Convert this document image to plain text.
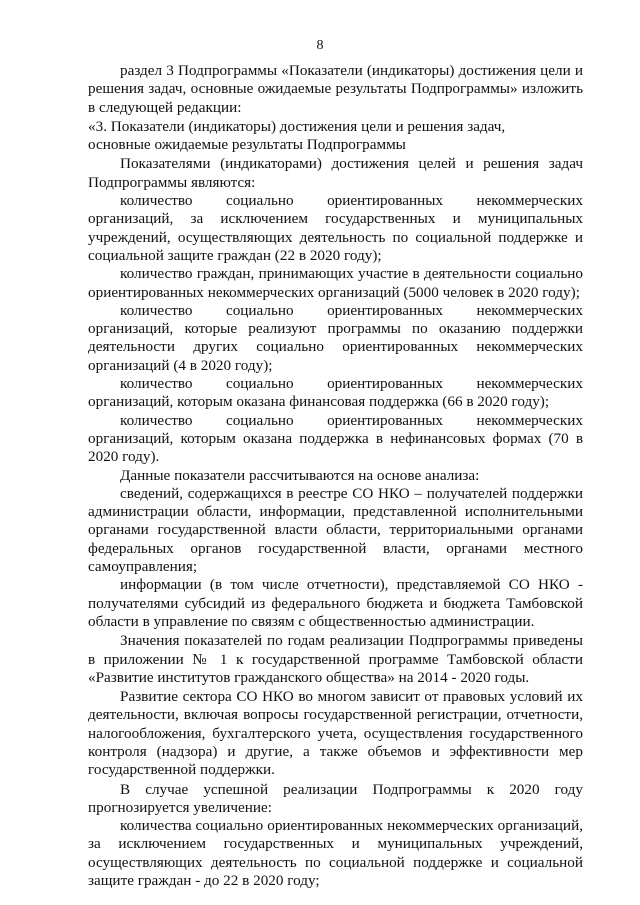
8

раздел 3 Подпрограммы «Показатели (индикаторы) достижения цели и решения задач, основные ожидаемые результаты Подпрограммы» изложить в следующей редакции:

«3. Показатели (индикаторы) достижения цели и решения задач,

основные ожидаемые результаты Подпрограммы

Показателями (индикаторами) достижения целей и решения задач Подпрограммы являются:

количество социально ориентированных некоммерческих организаций, за исключением государственных и муниципальных учреждений, осуществляющих деятельность по социальной поддержке и социальной защите граждан (22 в 2020 году);

количество граждан, принимающих участие в деятельности социально ориентированных некоммерческих организаций (5000 человек в 2020 году);

количество социально ориентированных некоммерческих организаций, которые реализуют программы по оказанию поддержки деятельности других социально ориентированных некоммерческих организаций (4 в 2020 году);

количество социально ориентированных некоммерческих организаций, которым оказана финансовая поддержка (66 в 2020 году);

количество социально ориентированных некоммерческих организаций, которым оказана поддержка в нефинансовых формах (70 в 2020 году).

Данные показатели рассчитываются на основе анализа:

сведений, содержащихся в реестре СО НКО – получателей поддержки администрации области, информации, представленной исполнительными органами государственной власти области, территориальными органами федеральных органов государственной власти, органами местного самоуправления;

информации (в том числе отчетности), представляемой СО НКО - получателями субсидий из федерального бюджета и бюджета Тамбовской области в управление по связям с общественностью администрации.

Значения показателей по годам реализации Подпрограммы приведены в приложении № 1 к государственной программе Тамбовской области «Развитие институтов гражданского общества» на 2014 - 2020 годы.

Развитие сектора СО НКО во многом зависит от правовых условий их деятельности, включая вопросы государственной регистрации, отчетности, налогообложения, бухгалтерского учета, осуществления государственного контроля (надзора) и другие, а также объемов и эффективности мер государственной поддержки.

В случае успешной реализации Подпрограммы к 2020 году прогнозируется увеличение:

количества социально ориентированных некоммерческих организаций, за исключением государственных и муниципальных учреждений, осуществляющих деятельность по социальной поддержке и социальной защите граждан - до 22 в 2020 году;
